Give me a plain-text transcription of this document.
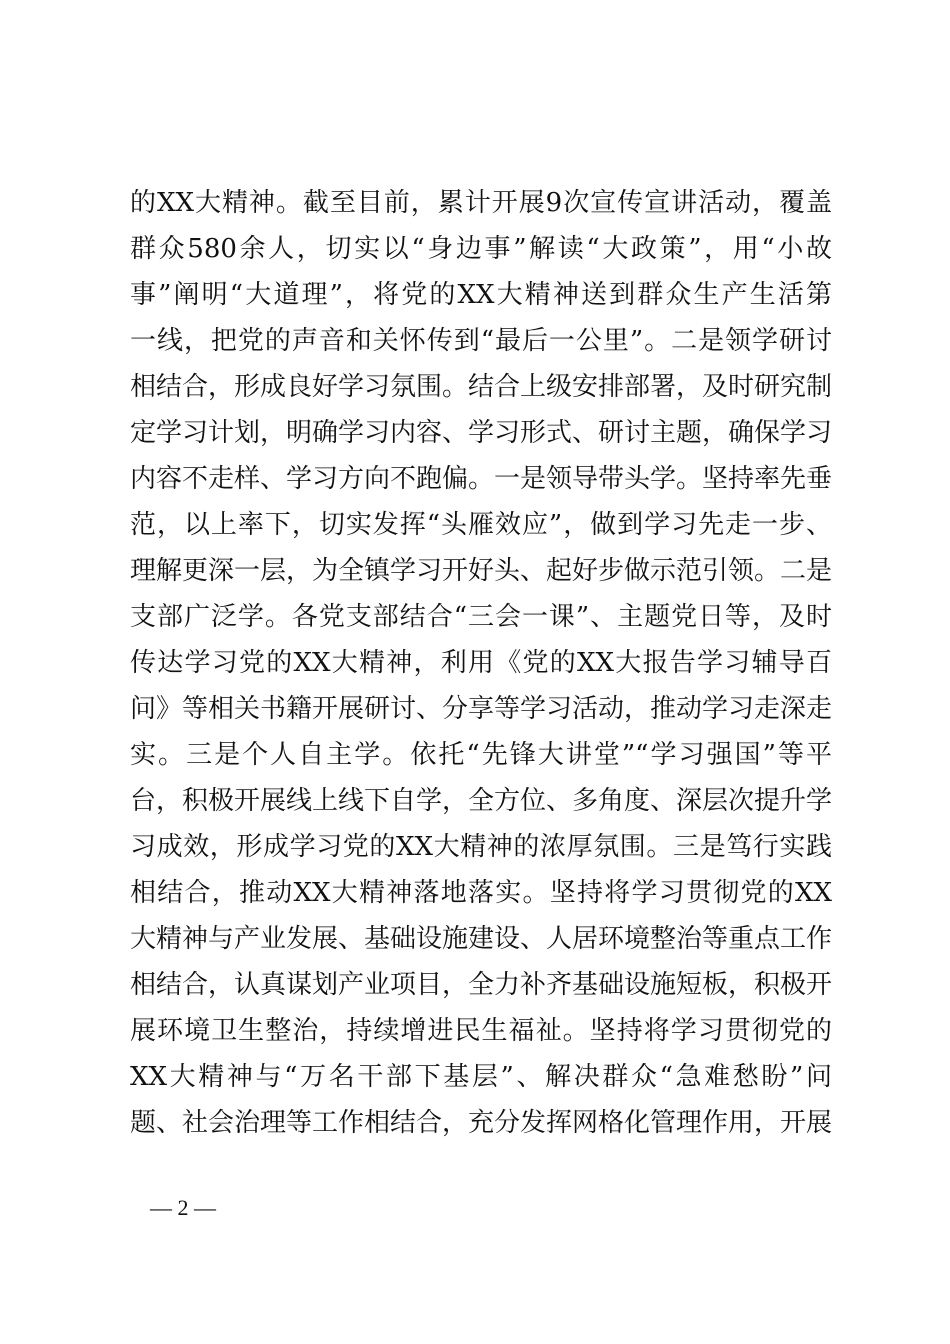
的XX大精神。截至目前，累计开展9次宣传宣讲活动，覆盖
群众580余人，切实以“身边事”解读“大政策”，用“小故
事”阐明“大道理”，将党的XX大精神送到群众生产生活第
一线，把党的声音和关怀传到“最后一公里”。二是领学研讨
相结合，形成良好学习氛围。结合上级安排部署，及时研究制
定学习计划，明确学习内容、学习形式、研讨主题，确保学习
内容不走样、学习方向不跑偏。一是领导带头学。坚持率先垂
范，以上率下，切实发挥“头雁效应”，做到学习先走一步、
理解更深一层，为全镇学习开好头、起好步做示范引领。二是
支部广泛学。各党支部结合“三会一课”、主题党日等，及时
传达学习党的XX大精神，利用《党的XX大报告学习辅导百
问》等相关书籍开展研讨、分享等学习活动，推动学习走深走
实。三是个人自主学。依托“先锋大讲堂”“学习强国”等平
台，积极开展线上线下自学，全方位、多角度、深层次提升学
习成效，形成学习党的XX大精神的浓厚氛围。三是笃行实践
相结合，推动XX大精神落地落实。坚持将学习贯彻党的XX
大精神与产业发展、基础设施建设、人居环境整治等重点工作
相结合，认真谋划产业项目，全力补齐基础设施短板，积极开
展环境卫生整治，持续增进民生福祉。坚持将学习贯彻党的
XX大精神与“万名干部下基层”、解决群众“急难愁盼”问
题、社会治理等工作相结合，充分发挥网格化管理作用，开展
— 2 —
